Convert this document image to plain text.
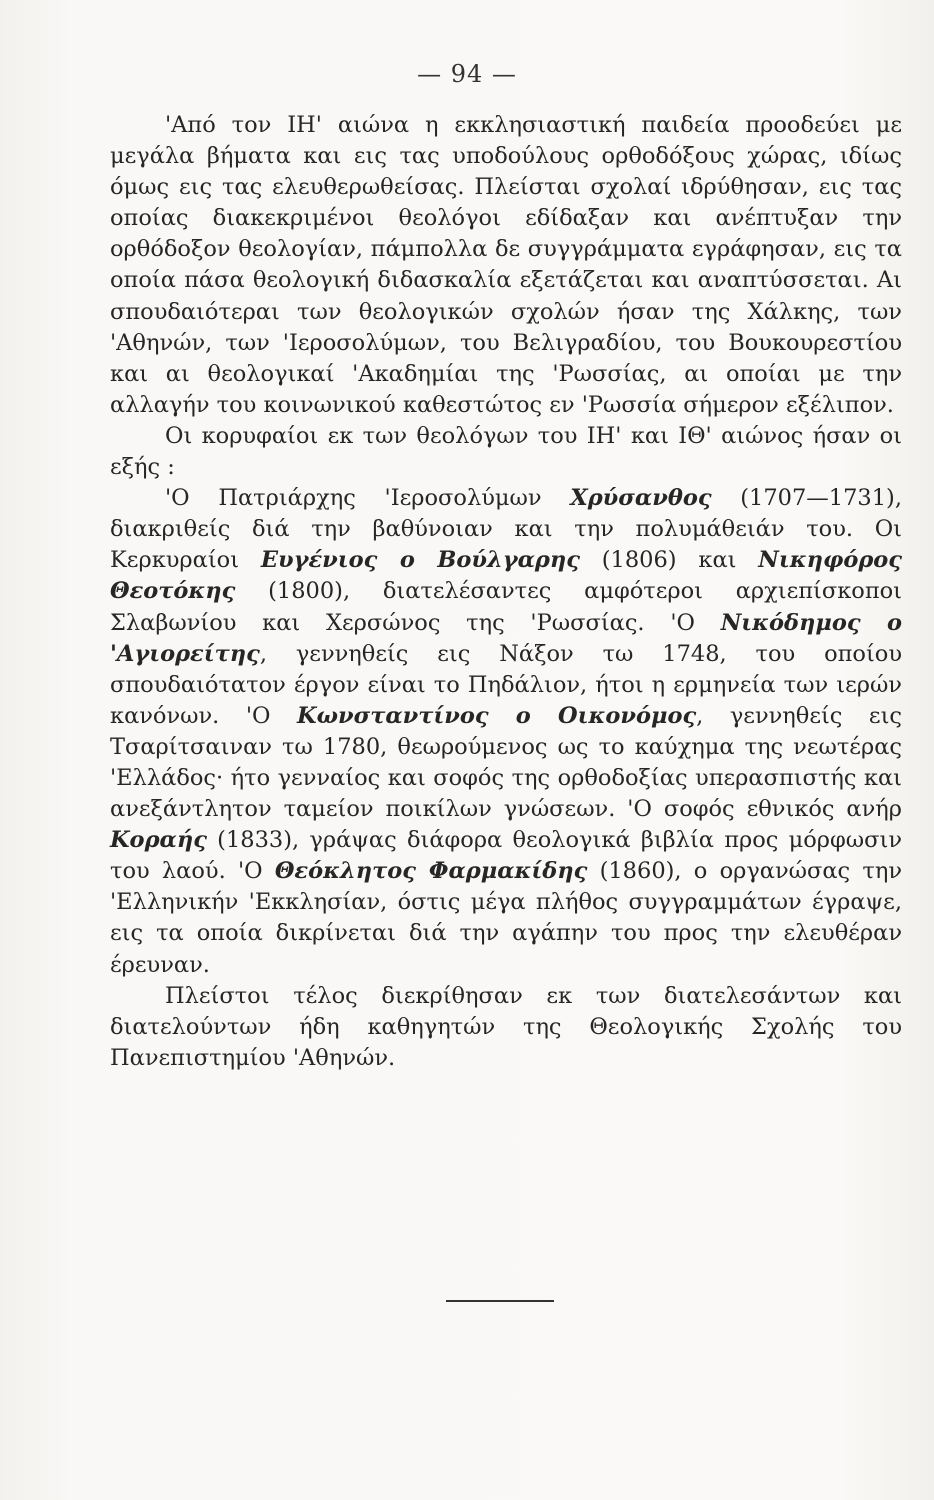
— 94 —

'Από τον ΙΗ' αιώνα η εκκλησιαστική παιδεία προοδεύει με μεγάλα βήματα και εις τας υποδούλους ορθοδόξους χώρας, ιδίως όμως εις τας ελευθερωθείσας. Πλείσται σχολαί ιδρύθησαν, εις τας οποίας διακεκριμένοι θεολόγοι εδίδαξαν και ανέπτυξαν την ορθόδοξον θεολογίαν, πάμπολλα δε συγγράμματα εγράφησαν, εις τα οποία πάσα θεολογική διδασκαλία εξετάζεται και αναπτύσσεται. Αι σπουδαιότεραι των θεολογικών σχολών ήσαν της Χάλκης, των 'Αθηνών, των 'Ιεροσολύμων, του Βελιγραδίου, του Βουκουρεστίου και αι θεολογικαί 'Ακαδημίαι της 'Ρωσσίας, αι οποίαι με την αλλαγήν του κοινωνικού καθεστώτος εν 'Ρωσσία σήμερον εξέλιπον.

Οι κορυφαίοι εκ των θεολόγων του ΙΗ' και ΙΘ' αιώνος ήσαν οι εξής :

'Ο Πατριάρχης 'Ιεροσολύμων Χρύσανθος (1707—1731), διακριθείς διά την βαθύνοιαν και την πολυμάθειάν του. Οι Κερκυραίοι Ευγένιος ο Βούλγαρης (1806) και Νικηφόρος Θεοτόκης (1800), διατελέσαντες αμφότεροι αρχιεπίσκοποι Σλαβωνίου και Χερσώνος της 'Ρωσσίας. 'Ο Νικόδημος ο 'Αγιορείτης, γεννηθείς εις Νάξον τω 1748, του οποίου σπουδαιότατον έργον είναι το Πηδάλιον, ήτοι η ερμηνεία των ιερών κανόνων. 'Ο Κωνσταντίνος ο Οικονόμος, γεννηθείς εις Τσαρίτσαιναν τω 1780, θεωρούμενος ως το καύχημα της νεωτέρας 'Ελλάδος· ήτο γενναίος και σοφός της ορθοδοξίας υπερασπιστής και ανεξάντλητον ταμείον ποικίλων γνώσεων. 'Ο σοφός εθνικός ανήρ Κοραής (1833), γράψας διάφορα θεολογικά βιβλία προς μόρφωσιν του λαού. 'Ο Θεόκλητος Φαρμακίδης (1860), ο οργανώσας την 'Ελληνικήν 'Εκκλησίαν, όστις μέγα πλήθος συγγραμμάτων έγραψε, εις τα οποία δικρίνεται διά την αγάπην του προς την ελευθέραν έρευναν.

Πλείστοι τέλος διεκρίθησαν εκ των διατελεσάντων και διατελούντων ήδη καθηγητών της Θεολογικής Σχολής του Πανεπιστημίου 'Αθηνών.
